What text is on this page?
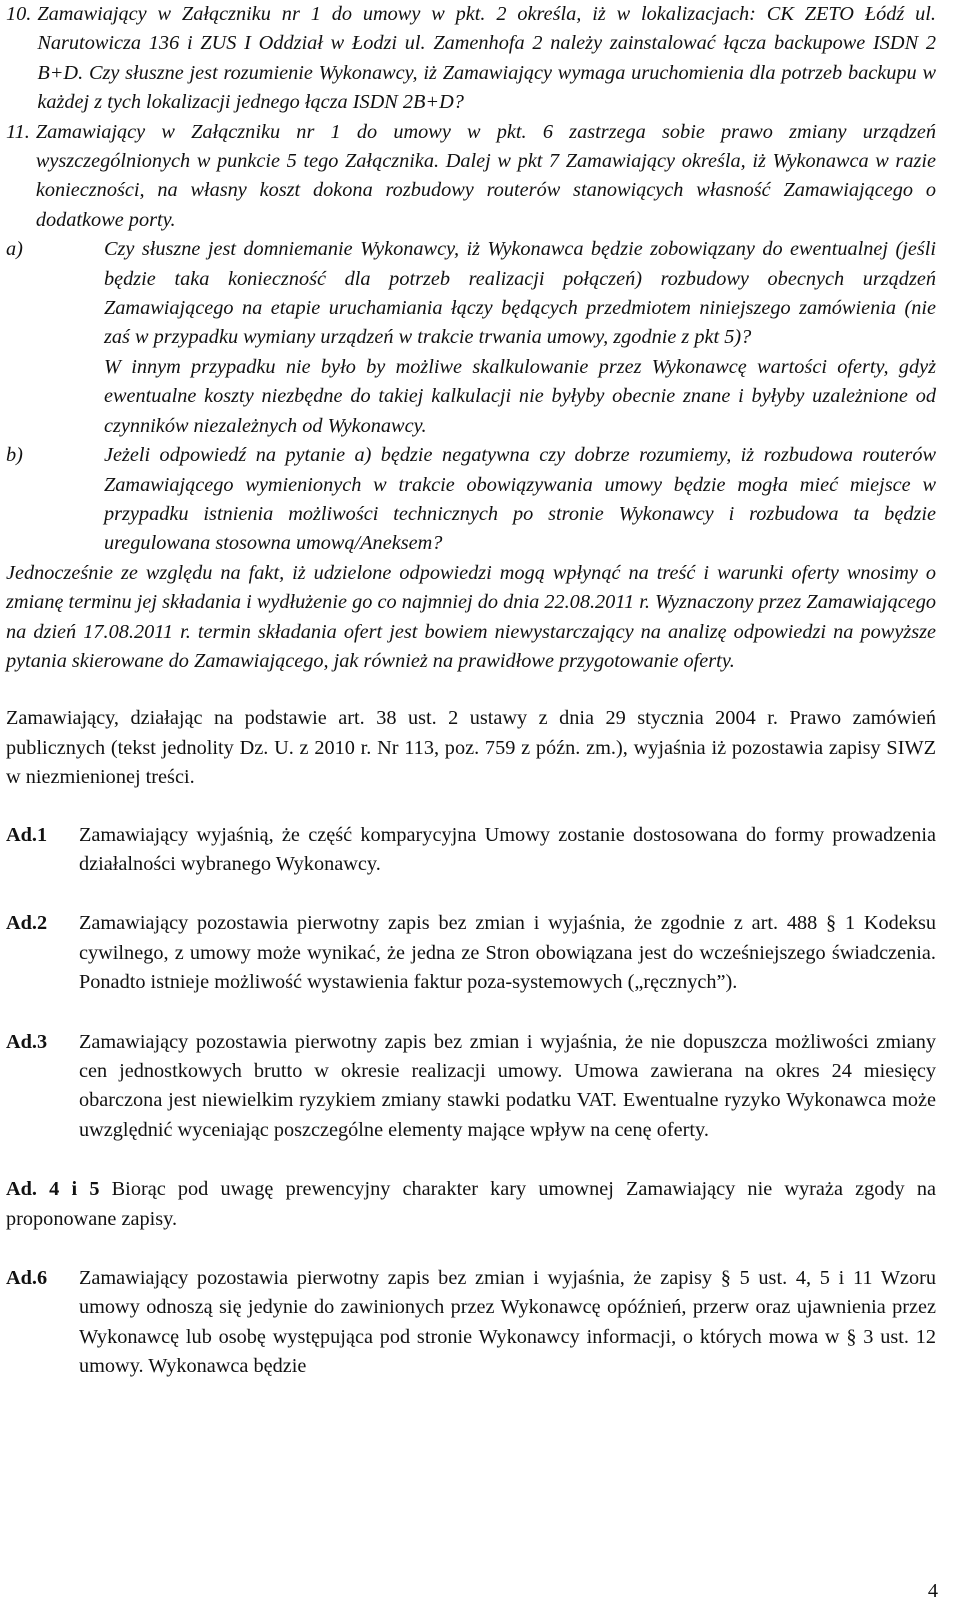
10. Zamawiający w Załączniku nr 1 do umowy w pkt. 2 określa, iż w lokalizacjach: CK ZETO Łódź ul. Narutowicza 136 i ZUS I Oddział w Łodzi ul. Zamenhofa 2 należy zainstalować łącza backupowe ISDN 2 B+D. Czy słuszne jest rozumienie Wykonawcy, iż Zamawiający wymaga uruchomienia dla potrzeb backupu w każdej z tych lokalizacji jednego łącza ISDN 2B+D?
11. Zamawiający w Załączniku nr 1 do umowy w pkt. 6 zastrzega sobie prawo zmiany urządzeń wyszczególnionych w punkcie 5 tego Załącznika. Dalej w pkt 7 Zamawiający określa, iż Wykonawca w razie konieczności, na własny koszt dokona rozbudowy routerów stanowiących własność Zamawiającego o dodatkowe porty.
a)	Czy słuszne jest domniemanie Wykonawcy, iż Wykonawca będzie zobowiązany do ewentualnej (jeśli będzie taka konieczność dla potrzeb realizacji połączeń) rozbudowy obecnych urządzeń Zamawiającego na etapie uruchamiania łączy będących przedmiotem niniejszego zamówienia (nie zaś w przypadku wymiany urządzeń w trakcie trwania umowy, zgodnie z pkt 5)?
W innym przypadku nie było by możliwe skalkulowanie przez Wykonawcę wartości oferty, gdyż ewentualne koszty niezbędne do takiej kalkulacji nie byłyby obecnie znane i byłyby uzależnione od czynników niezależnych od Wykonawcy.
b)	Jeżeli odpowiedź na pytanie a) będzie negatywna czy dobrze rozumiemy, iż rozbudowa routerów Zamawiającego wymienionych w trakcie obowiązywania umowy będzie mogła mieć miejsce w przypadku istnienia możliwości technicznych po stronie Wykonawcy i rozbudowa ta będzie uregulowana stosowna umową/Aneksem?
Jednocześnie ze względu na fakt, iż udzielone odpowiedzi mogą wpłynąć na treść i warunki oferty wnosimy o zmianę terminu jej składania i wydłużenie go co najmniej do dnia 22.08.2011 r. Wyznaczony przez Zamawiającego na dzień 17.08.2011 r. termin składania ofert jest bowiem niewystarczający na analizę odpowiedzi na powyższe pytania skierowane do Zamawiającego, jak również na prawidłowe przygotowanie oferty.
Zamawiający, działając na podstawie art. 38 ust. 2 ustawy z dnia 29 stycznia 2004 r. Prawo zamówień publicznych (tekst jednolity Dz. U. z 2010 r. Nr 113, poz. 759 z późn. zm.), wyjaśnia iż pozostawia zapisy SIWZ w niezmienionej treści.
Ad.1	Zamawiający wyjaśnią, że część komparycyjna Umowy zostanie dostosowana do formy prowadzenia działalności wybranego Wykonawcy.
Ad.2	Zamawiający pozostawia pierwotny zapis bez zmian i wyjaśnia, że zgodnie z art. 488 § 1 Kodeksu cywilnego, z umowy może wynikać, że jedna ze Stron obowiązana jest do wcześniejszego świadczenia. Ponadto istnieje możliwość wystawienia faktur poza-systemowych („ręcznych”).
Ad.3	Zamawiający pozostawia pierwotny zapis bez zmian i wyjaśnia, że nie dopuszcza możliwości zmiany cen jednostkowych brutto w okresie realizacji umowy. Umowa zawierana na okres 24 miesięcy obarczona jest niewielkim ryzykiem zmiany stawki podatku VAT. Ewentualne ryzyko Wykonawca może uwzględnić wyceniając poszczególne elementy mające wpływ na cenę oferty.
Ad. 4 i 5 Biorąc pod uwagę prewencyjny charakter kary umownej Zamawiający nie wyraża zgody na proponowane zapisy.
Ad.6	Zamawiający pozostawia pierwotny zapis bez zmian i wyjaśnia, że zapisy § 5 ust. 4, 5 i 11 Wzoru umowy odnoszą się jedynie do zawinionych przez Wykonawcę opóźnień, przerw oraz ujawnienia przez Wykonawcę lub osobę występująca pod stronie Wykonawcy informacji, o których mowa w § 3 ust. 12 umowy. Wykonawca będzie
4
